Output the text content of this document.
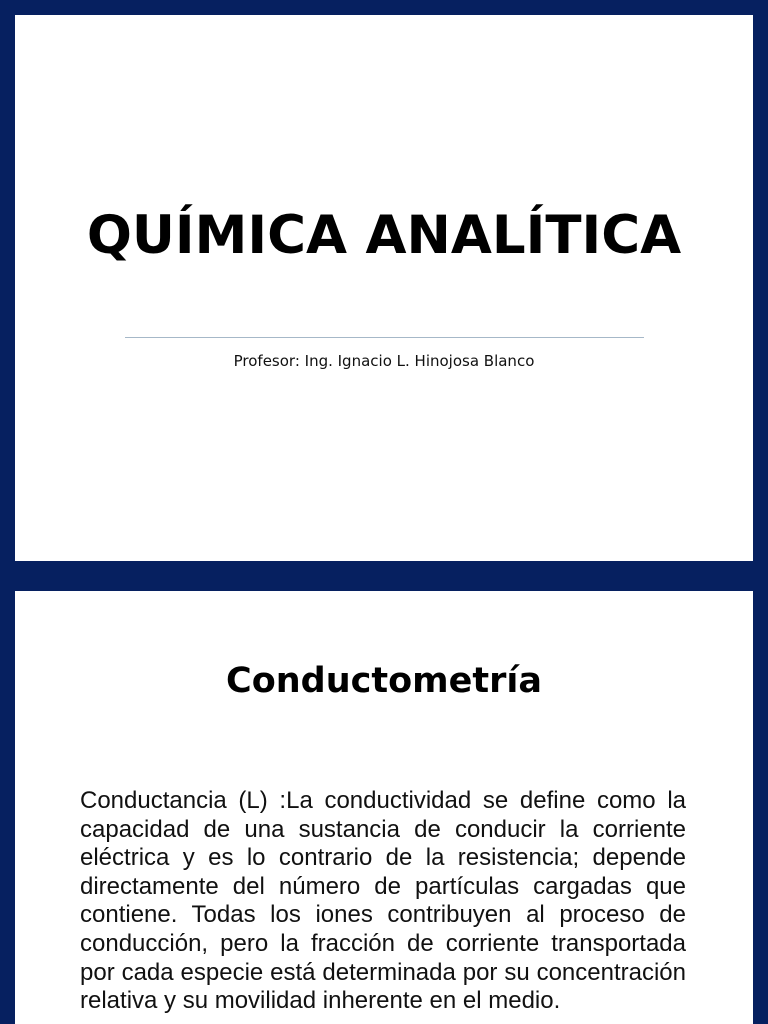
QUÍMICA ANALÍTICA
Profesor: Ing. Ignacio L. Hinojosa Blanco
Conductometría

Conductancia (L) :La conductividad se define como la capacidad de una sustancia de conducir la corriente eléctrica y es lo contrario de la resistencia; depende directamente del número de partículas cargadas que contiene. Todas los iones contribuyen al proceso de conducción, pero la fracción de corriente transportada por cada especie está determinada por su concentración relativa y su movilidad inherente en el medio.
